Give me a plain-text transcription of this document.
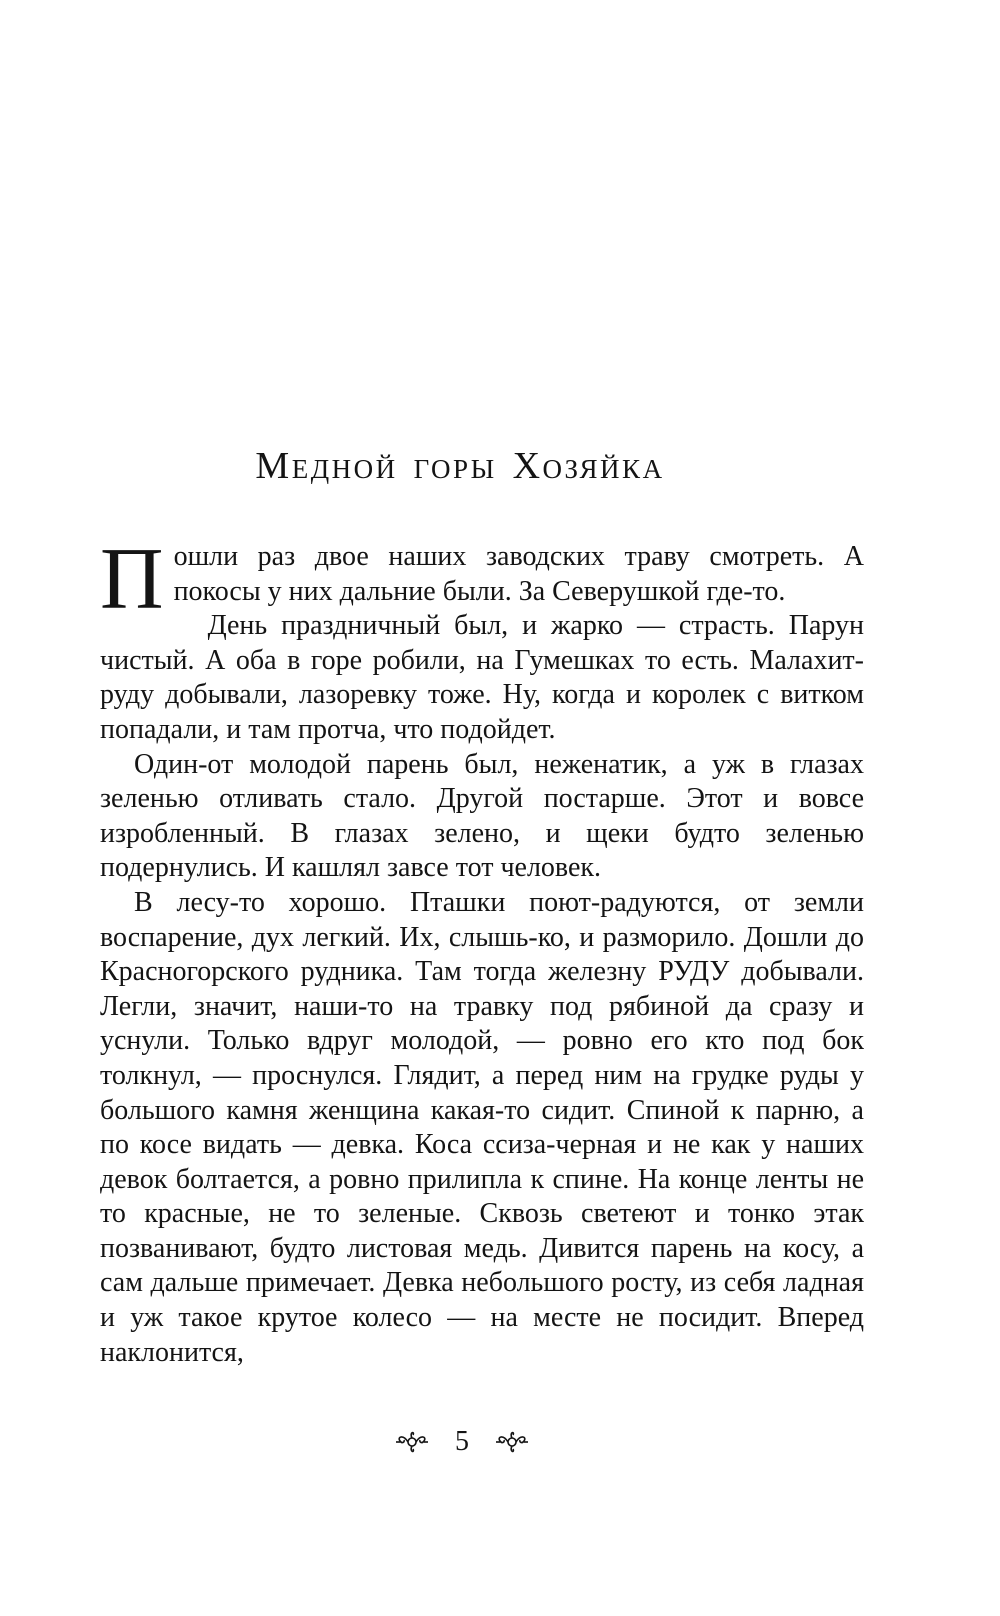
Медной горы Хозяйка

Пошли раз двое наших заводских траву смотреть. А покосы у них дальние были. За Северушкой где-то.

День праздничный был, и жарко — страсть. Парун чистый. А оба в горе робили, на Гумешках то есть. Малахит-руду добывали, лазоревку тоже. Ну, когда и королек с витком попадали, и там протча, что подойдет.

Один-от молодой парень был, неженатик, а уж в глазах зеленью отливать стало. Другой постарше. Этот и вовсе изробленный. В глазах зелено, и щеки будто зеленью подернулись. И кашлял завсе тот человек.

В лесу-то хорошо. Пташки поют-радуются, от земли воспарение, дух легкий. Их, слышь-ко, и разморило. Дошли до Красногорского рудника. Там тогда железну РУДУ добывали. Легли, значит, наши-то на травку под рябиной да сразу и уснули. Только вдруг молодой, — ровно его кто под бок толкнул, — проснулся. Глядит, а перед ним на грудке руды у большого камня женщина какая-то сидит. Спиной к парню, а по косе видать — девка. Коса ссиза-черная и не как у наших девок болтается, а ровно прилипла к спине. На конце ленты не то красные, не то зеленые. Сквозь светеют и тонко этак позванивают, будто листовая медь. Дивится парень на косу, а сам дальше примечает. Девка небольшого росту, из себя ладная и уж такое крутое колесо — на месте не посидит. Вперед наклонится,

5
